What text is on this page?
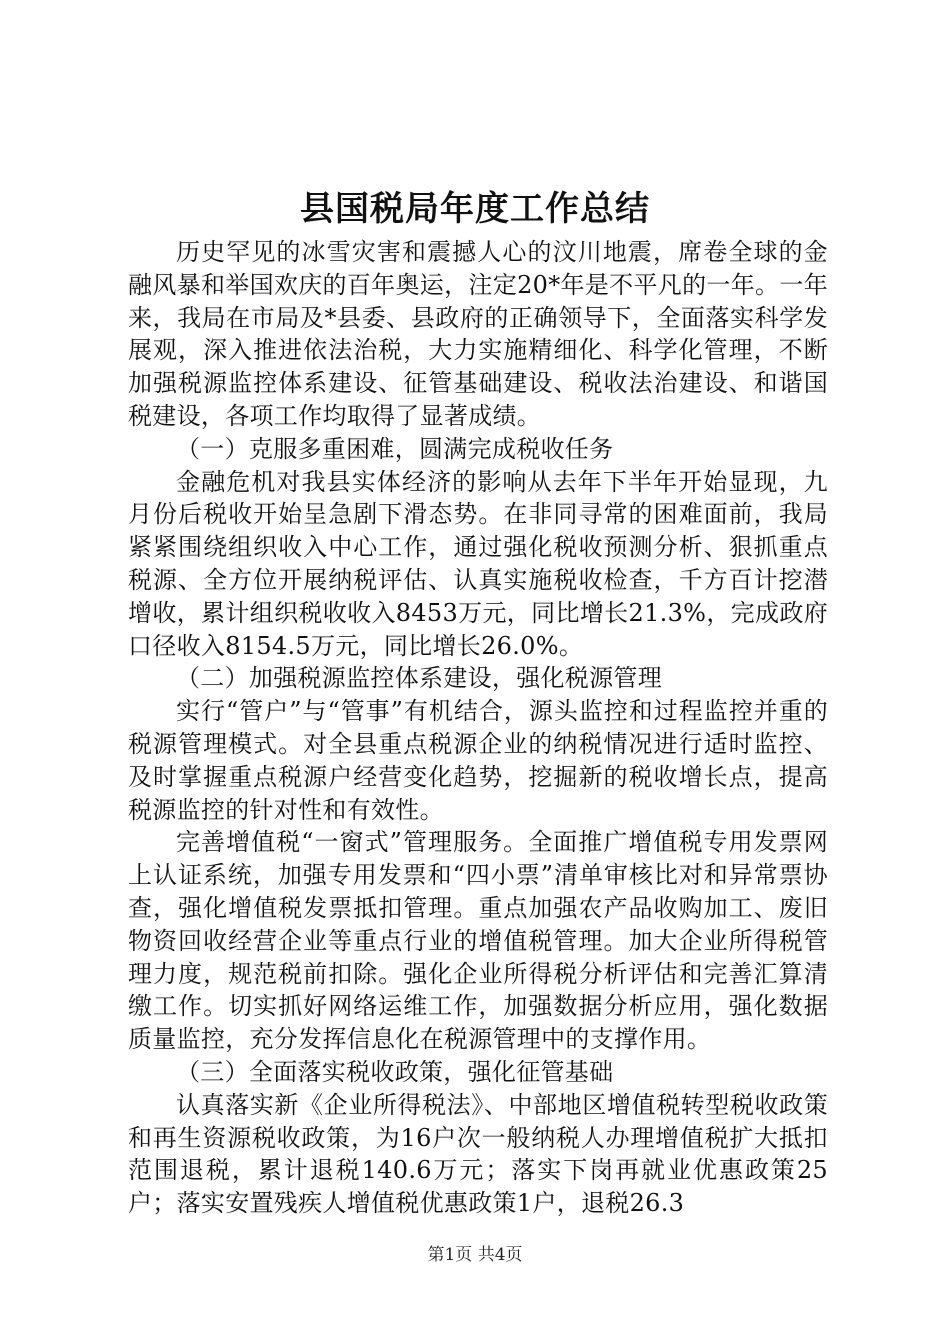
县国税局年度工作总结

历史罕见的冰雪灾害和震撼人心的汶川地震，席卷全球的金融风暴和举国欢庆的百年奥运，注定20*年是不平凡的一年。一年来，我局在市局及*县委、县政府的正确领导下，全面落实科学发展观，深入推进依法治税，大力实施精细化、科学化管理，不断加强税源监控体系建设、征管基础建设、税收法治建设、和谐国税建设，各项工作均取得了显著成绩。

（一）克服多重困难，圆满完成税收任务

金融危机对我县实体经济的影响从去年下半年开始显现，九月份后税收开始呈急剧下滑态势。在非同寻常的困难面前，我局紧紧围绕组织收入中心工作，通过强化税收预测分析、狠抓重点税源、全方位开展纳税评估、认真实施税收检查，千方百计挖潜增收，累计组织税收收入8453万元，同比增长21.3%，完成政府口径收入8154.5万元，同比增长26.0%。

（二）加强税源监控体系建设，强化税源管理

实行“管户”与“管事”有机结合，源头监控和过程监控并重的税源管理模式。对全县重点税源企业的纳税情况进行适时监控、及时掌握重点税源户经营变化趋势，挖掘新的税收增长点，提高税源监控的针对性和有效性。

完善增值税“一窗式”管理服务。全面推广增值税专用发票网上认证系统，加强专用发票和“四小票”清单审核比对和异常票协查，强化增值税发票抵扣管理。重点加强农产品收购加工、废旧物资回收经营企业等重点行业的增值税管理。加大企业所得税管理力度，规范税前扣除。强化企业所得税分析评估和完善汇算清缴工作。切实抓好网络运维工作，加强数据分析应用，强化数据质量监控，充分发挥信息化在税源管理中的支撑作用。

（三）全面落实税收政策，强化征管基础

认真落实新《企业所得税法》、中部地区增值税转型税收政策和再生资源税收政策，为16户次一般纳税人办理增值税扩大抵扣范围退税，累计退税140.6万元；落实下岗再就业优惠政策25户；落实安置残疾人增值税优惠政策1户，退税26.3

第1页 共4页
